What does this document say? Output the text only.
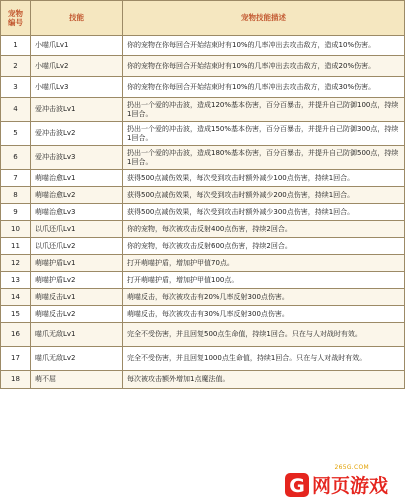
宠物编号	技能	宠物技能描述
1	小喵爪Lv1	你的宠物在你每回合开始结束时有10%的几率冲出去攻击敌方，造成10%伤害。
2	小喵爪Lv2	你的宠物在你每回合开始结束时有10%的几率冲出去攻击敌方，造成20%伤害。
3	小喵爪Lv3	你的宠物在你每回合开始结束时有10%的几率冲出去攻击敌方，造成30%伤害。
4	爱冲击波Lv1	扔出一个爱的冲击波，造成120%基本伤害，百分百暴击，并提升自己防御100点，持续1回合。
5	爱冲击波Lv2	扔出一个爱的冲击波，造成150%基本伤害，百分百暴击，并提升自己防御300点，持续1回合。
6	爱冲击波Lv3	扔出一个爱的冲击波，造成180%基本伤害，百分百暴击，并提升自己防御500点，持续1回合。
7	萌喵治愈Lv1	获得500点减伤效果，每次受到攻击时额外减少100点伤害，持续1回合。
8	萌喵治愈Lv2	获得500点减伤效果，每次受到攻击时额外减少200点伤害，持续1回合。
9	萌喵治愈Lv3	获得500点减伤效果，每次受到攻击时额外减少300点伤害，持续1回合。
10	以爪还爪Lv1	你的宠物，每次被攻击反射400点伤害，持续2回合。
11	以爪还爪Lv2	你的宠物，每次被攻击反射600点伤害，持续2回合。
12	萌喵护盾Lv1	打开萌喵护盾，增加护甲值70点。
13	萌喵护盾Lv2	打开萌喵护盾，增加护甲值100点。
14	萌喵反击Lv1	萌喵反击，每次被攻击有20%几率反射300点伤害。
15	萌喵反击Lv2	萌喵反击，每次被攻击有30%几率反射300点伤害。
16	喵爪无敌Lv1	完全不受伤害，并且回复500点生命值，持续1回合。只在与人对战时有效。
17	喵爪无敌Lv2	完全不受伤害，并且回复1000点生命值，持续1回合。只在与人对战时有效。
18	萌不屈	每次被攻击额外增加1点魔法值。
265G.COM
G 网页游戏
